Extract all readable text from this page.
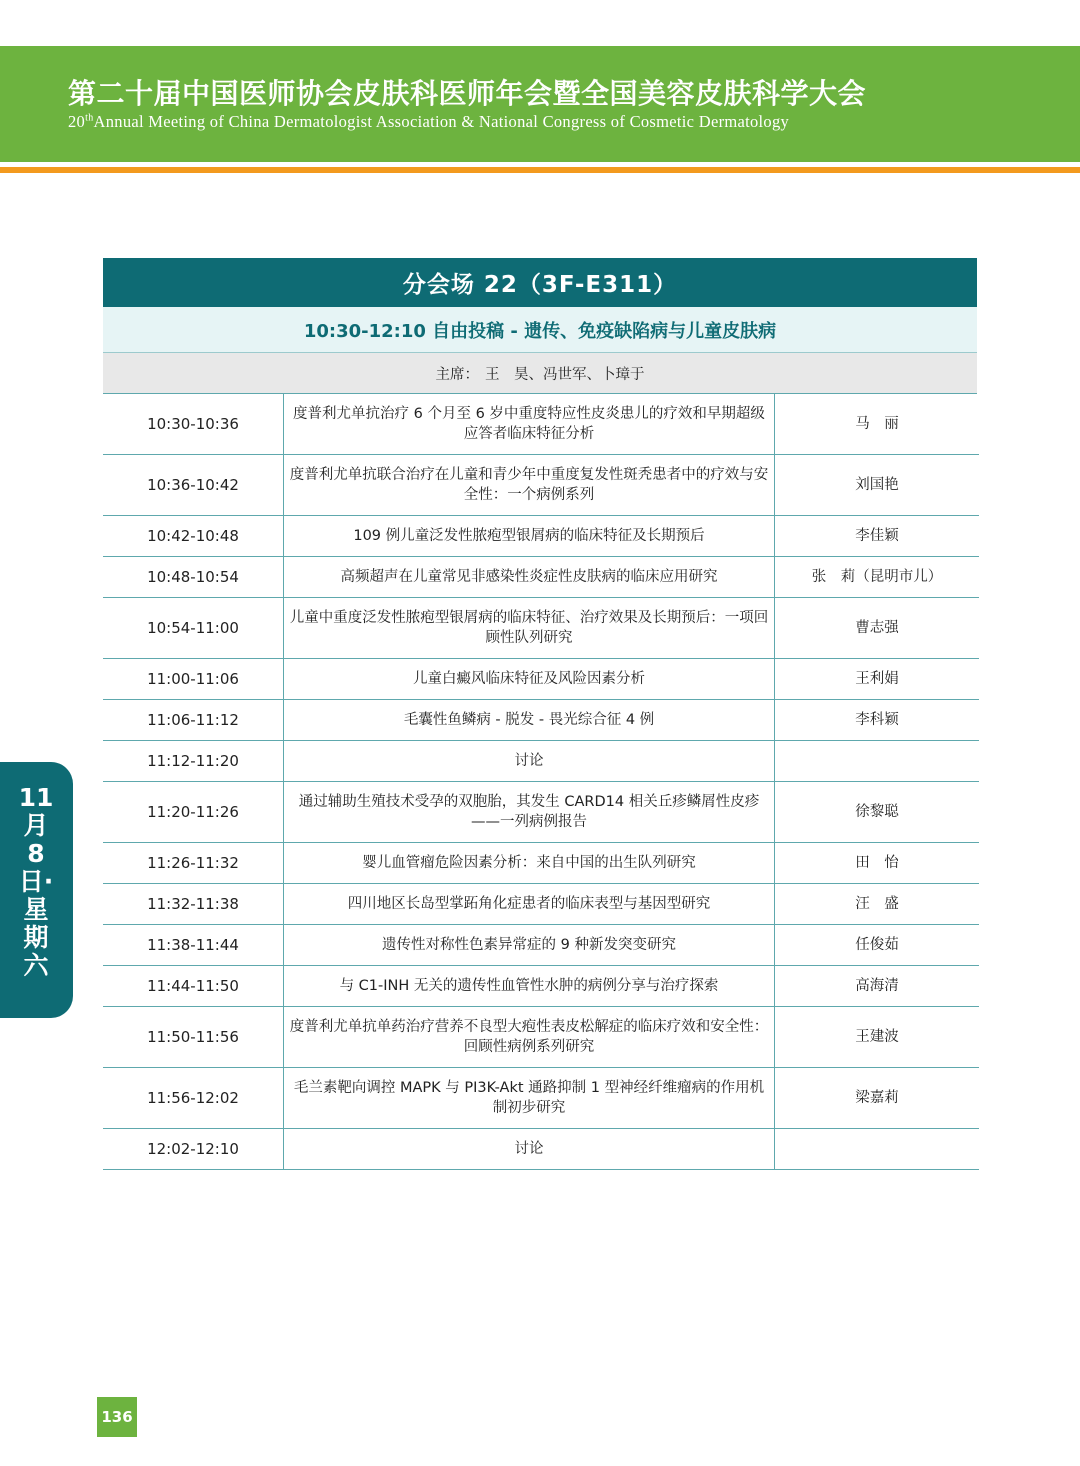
第二十届中国医师协会皮肤科医师年会暨全国美容皮肤科学大会
20thAnnual Meeting of China Dermatologist Association & National Congress of Cosmetic Dermatology
分会场 22（3F-E311）
10:30-12:10 自由投稿 - 遗传、免疫缺陷病与儿童皮肤病
主席： 王　昊、冯世军、卜璋于
10:30-10:36	度普利尤单抗治疗 6 个月至 6 岁中重度特应性皮炎患儿的疗效和早期超级应答者临床特征分析	马　丽
10:36-10:42	度普利尤单抗联合治疗在儿童和青少年中重度复发性斑秃患者中的疗效与安全性：一个病例系列	刘国艳
10:42-10:48	109 例儿童泛发性脓疱型银屑病的临床特征及长期预后	李佳颖
10:48-10:54	高频超声在儿童常见非感染性炎症性皮肤病的临床应用研究	张　莉（昆明市儿）
10:54-11:00	儿童中重度泛发性脓疱型银屑病的临床特征、治疗效果及长期预后：一项回顾性队列研究	曹志强
11:00-11:06	儿童白癜风临床特征及风险因素分析	王利娟
11:06-11:12	毛囊性鱼鳞病 - 脱发 - 畏光综合征 4 例	李科颖
11:12-11:20	讨论	
11:20-11:26	通过辅助生殖技术受孕的双胞胎，其发生 CARD14 相关丘疹鳞屑性皮疹——一列病例报告	徐黎聪
11:26-11:32	婴儿血管瘤危险因素分析：来自中国的出生队列研究	田　怡
11:32-11:38	四川地区长岛型掌跖角化症患者的临床表型与基因型研究	汪　盛
11:38-11:44	遗传性对称性色素异常症的 9 种新发突变研究	任俊茹
11:44-11:50	与 C1-INH 无关的遗传性血管性水肿的病例分享与治疗探索	高海清
11:50-11:56	度普利尤单抗单药治疗营养不良型大疱性表皮松解症的临床疗效和安全性：回顾性病例系列研究	王建波
11:56-12:02	毛兰素靶向调控 MAPK 与 PI3K-Akt 通路抑制 1 型神经纤维瘤病的作用机制初步研究	梁嘉莉
12:02-12:10	讨论	
11月8日·星期六
136
